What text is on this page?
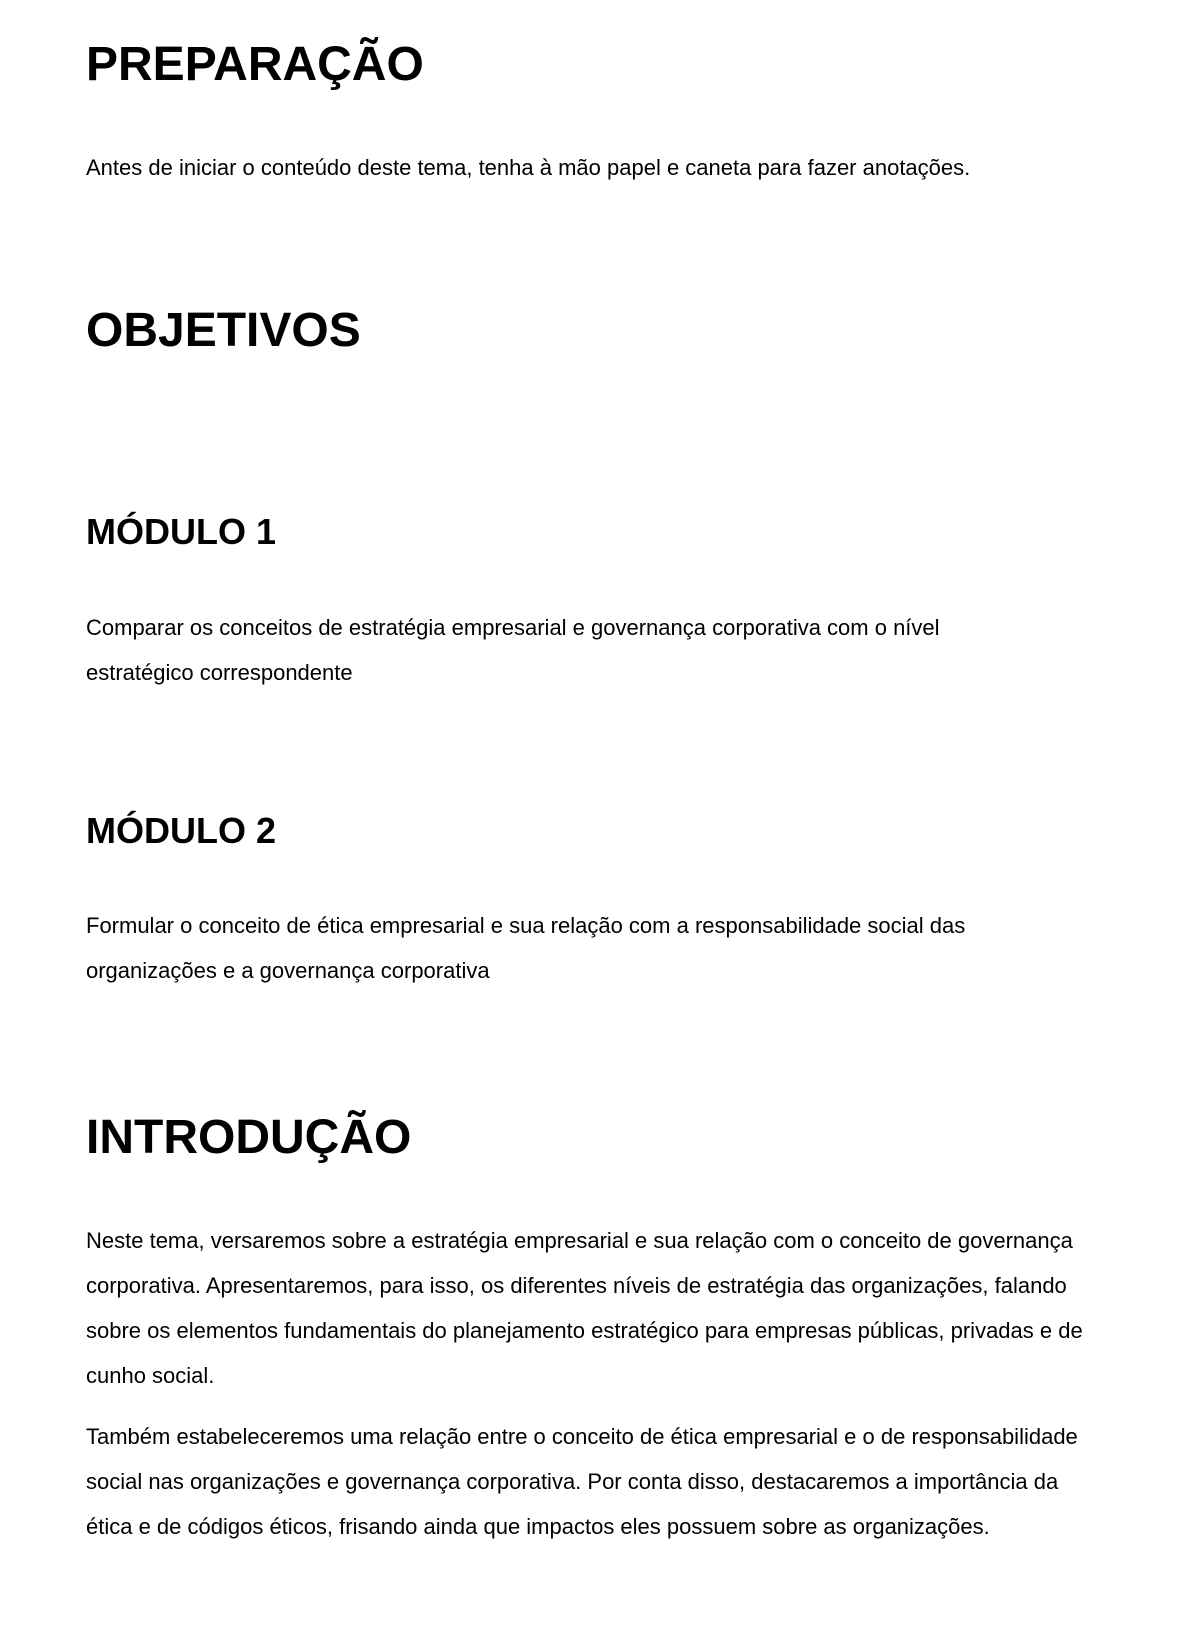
PREPARAÇÃO

Antes de iniciar o conteúdo deste tema, tenha à mão papel e caneta para fazer anotações.

OBJETIVOS
MÓDULO 1

Comparar os conceitos de estratégia empresarial e governança corporativa com o nível estratégico correspondente

MÓDULO 2

Formular o conceito de ética empresarial e sua relação com a responsabilidade social das organizações e a governança corporativa

INTRODUÇÃO

Neste tema, versaremos sobre a estratégia empresarial e sua relação com o conceito de governança corporativa. Apresentaremos, para isso, os diferentes níveis de estratégia das organizações, falando sobre os elementos fundamentais do planejamento estratégico para empresas públicas, privadas e de cunho social.

Também estabeleceremos uma relação entre o conceito de ética empresarial e o de responsabilidade social nas organizações e governança corporativa. Por conta disso, destacaremos a importância da ética e de códigos éticos, frisando ainda que impactos eles possuem sobre as organizações.
